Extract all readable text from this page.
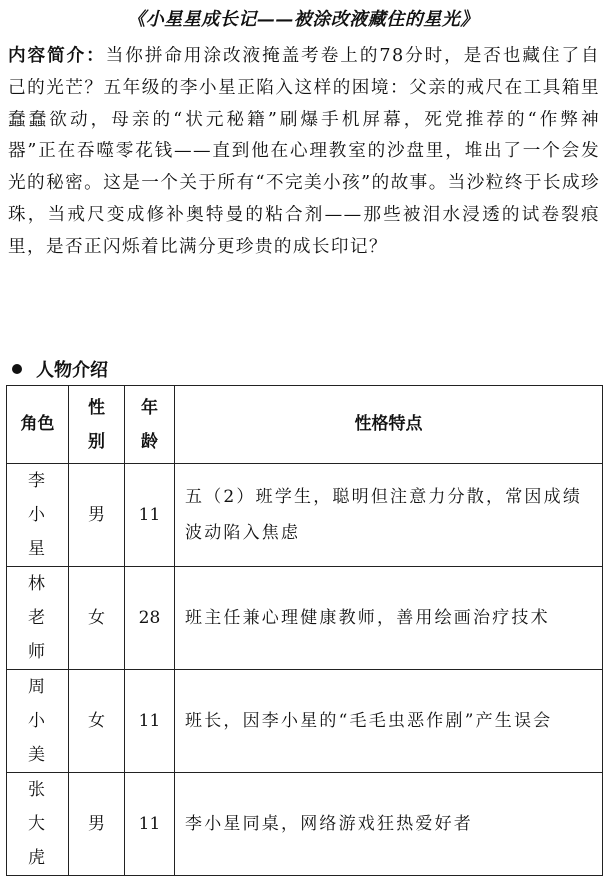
《小星星成长记——被涂改液藏住的星光》
内容简介：当你拼命用涂改液掩盖考卷上的78分时，是否也藏住了自己的光芒？五年级的李小星正陷入这样的困境：父亲的戒尺在工具箱里蠢蠢欲动，母亲的“状元秘籍”刷爆手机屏幕，死党推荐的“作弊神器”正在吞噬零花钱——直到他在心理教室的沙盘里，堆出了一个会发光的秘密。这是一个关于所有“不完美小孩”的故事。当沙粒终于长成珍珠，当戒尺变成修补奥特曼的粘合剂——那些被泪水浸透的试卷裂痕里，是否正闪烁着比满分更珍贵的成长印记？
人物介绍
角色	性别	年龄	性格特点
李小星	男	11	五（2）班学生，聪明但注意力分散，常因成绩波动陷入焦虑
林老师	女	28	班主任兼心理健康教师，善用绘画治疗技术
周小美	女	11	班长，因李小星的“毛毛虫恶作剧”产生误会
张大虎	男	11	李小星同桌，网络游戏狂热爱好者
